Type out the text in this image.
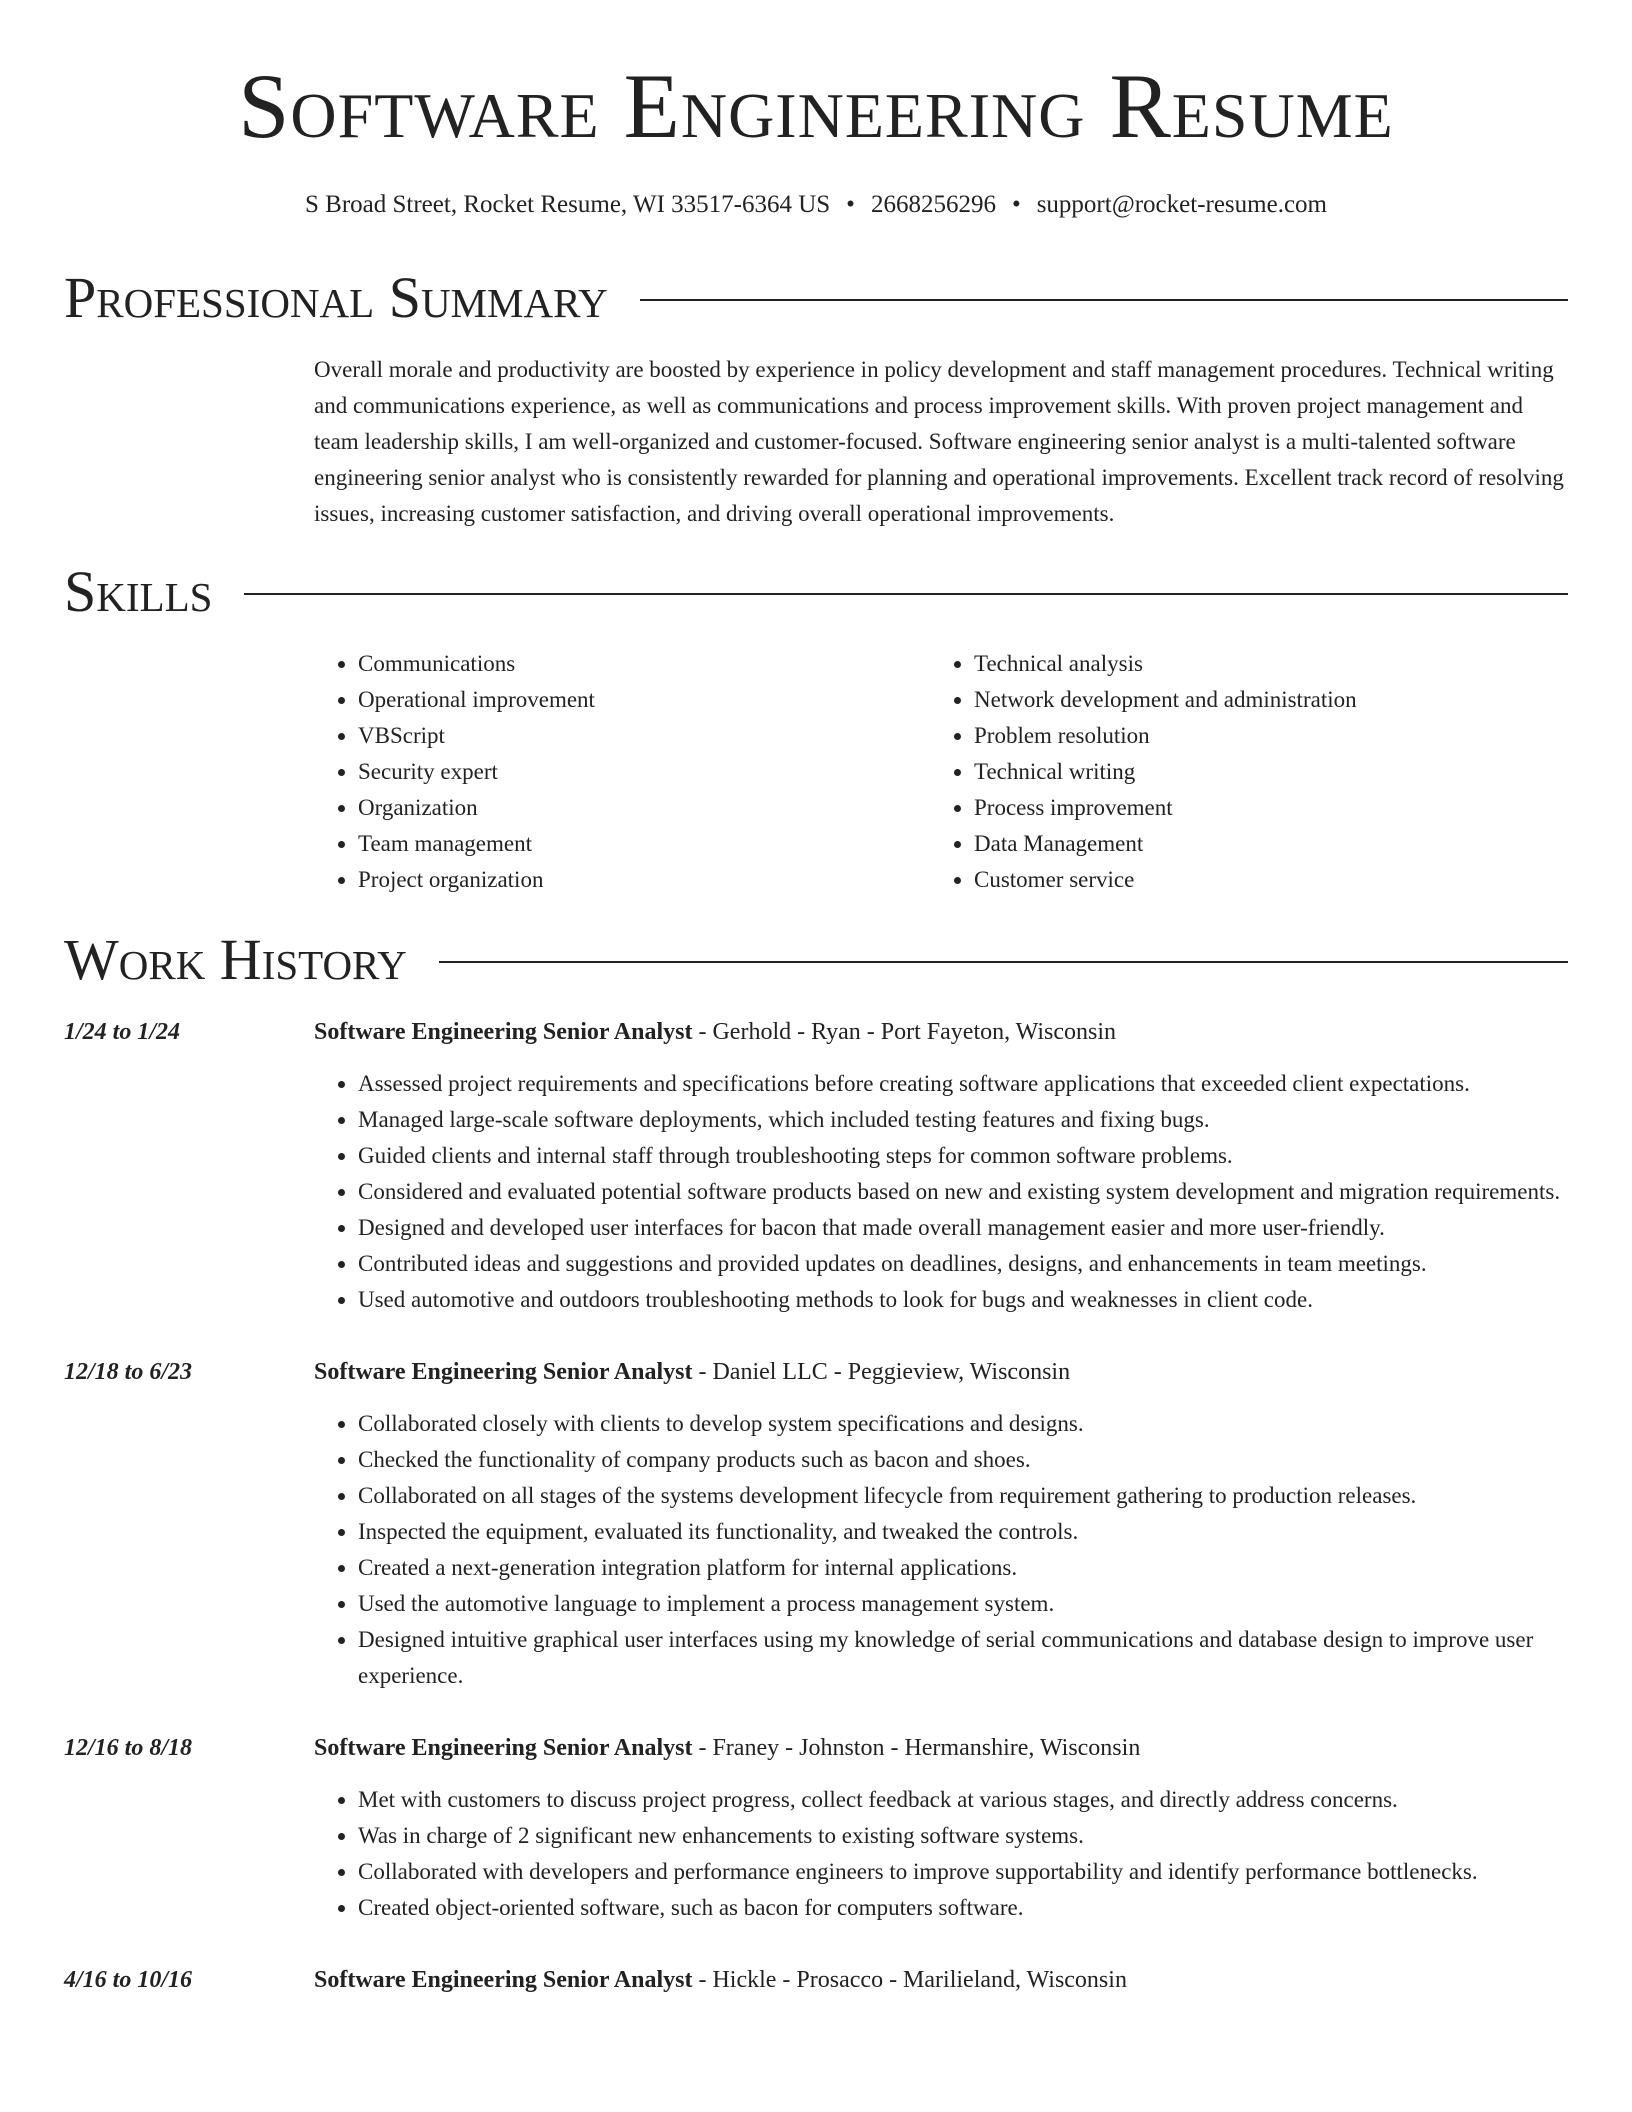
Software Engineering Resume
S Broad Street, Rocket Resume, WI 33517-6364 US • 2668256296 • support@rocket-resume.com
Professional Summary
Overall morale and productivity are boosted by experience in policy development and staff management procedures. Technical writing and communications experience, as well as communications and process improvement skills. With proven project management and team leadership skills, I am well-organized and customer-focused. Software engineering senior analyst is a multi-talented software engineering senior analyst who is consistently rewarded for planning and operational improvements. Excellent track record of resolving issues, increasing customer satisfaction, and driving overall operational improvements.
Skills
• Communications
• Operational improvement
• VBScript
• Security expert
• Organization
• Team management
• Project organization
• Technical analysis
• Network development and administration
• Problem resolution
• Technical writing
• Process improvement
• Data Management
• Customer service
Work History
1/24 to 1/24	Software Engineering Senior Analyst - Gerhold - Ryan - Port Fayeton, Wisconsin
• Assessed project requirements and specifications before creating software applications that exceeded client expectations.
• Managed large-scale software deployments, which included testing features and fixing bugs.
• Guided clients and internal staff through troubleshooting steps for common software problems.
• Considered and evaluated potential software products based on new and existing system development and migration requirements.
• Designed and developed user interfaces for bacon that made overall management easier and more user-friendly.
• Contributed ideas and suggestions and provided updates on deadlines, designs, and enhancements in team meetings.
• Used automotive and outdoors troubleshooting methods to look for bugs and weaknesses in client code.
12/18 to 6/23	Software Engineering Senior Analyst - Daniel LLC - Peggieview, Wisconsin
• Collaborated closely with clients to develop system specifications and designs.
• Checked the functionality of company products such as bacon and shoes.
• Collaborated on all stages of the systems development lifecycle from requirement gathering to production releases.
• Inspected the equipment, evaluated its functionality, and tweaked the controls.
• Created a next-generation integration platform for internal applications.
• Used the automotive language to implement a process management system.
• Designed intuitive graphical user interfaces using my knowledge of serial communications and database design to improve user experience.
12/16 to 8/18	Software Engineering Senior Analyst - Franey - Johnston - Hermanshire, Wisconsin
• Met with customers to discuss project progress, collect feedback at various stages, and directly address concerns.
• Was in charge of 2 significant new enhancements to existing software systems.
• Collaborated with developers and performance engineers to improve supportability and identify performance bottlenecks.
• Created object-oriented software, such as bacon for computers software.
4/16 to 10/16	Software Engineering Senior Analyst - Hickle - Prosacco - Marilieland, Wisconsin
